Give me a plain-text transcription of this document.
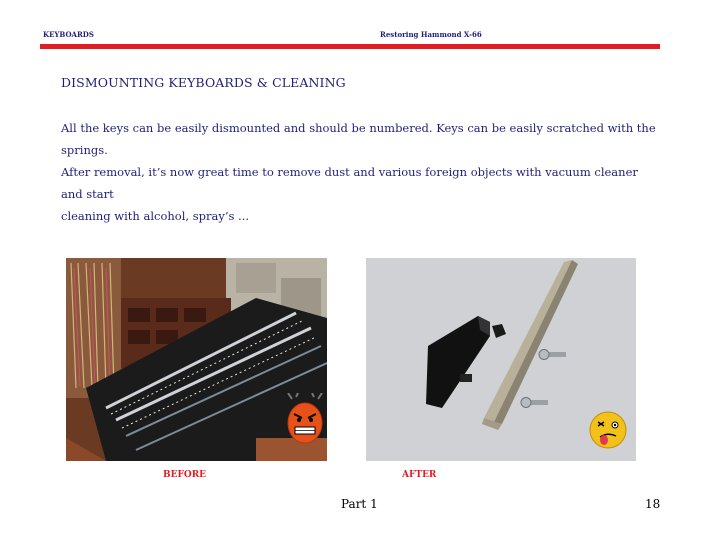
KEYBOARDS	Restoring Hammond X-66
DISMOUNTING KEYBOARDS & CLEANING
All the keys can be easily dismounted and should be numbered. Keys can be easily scratched with the springs.
After removal, it’s now great time to remove dust and various foreign objects with vacuum cleaner and start
cleaning with alcohol, spray’s ...
BEFORE	AFTER
Part 1	18
